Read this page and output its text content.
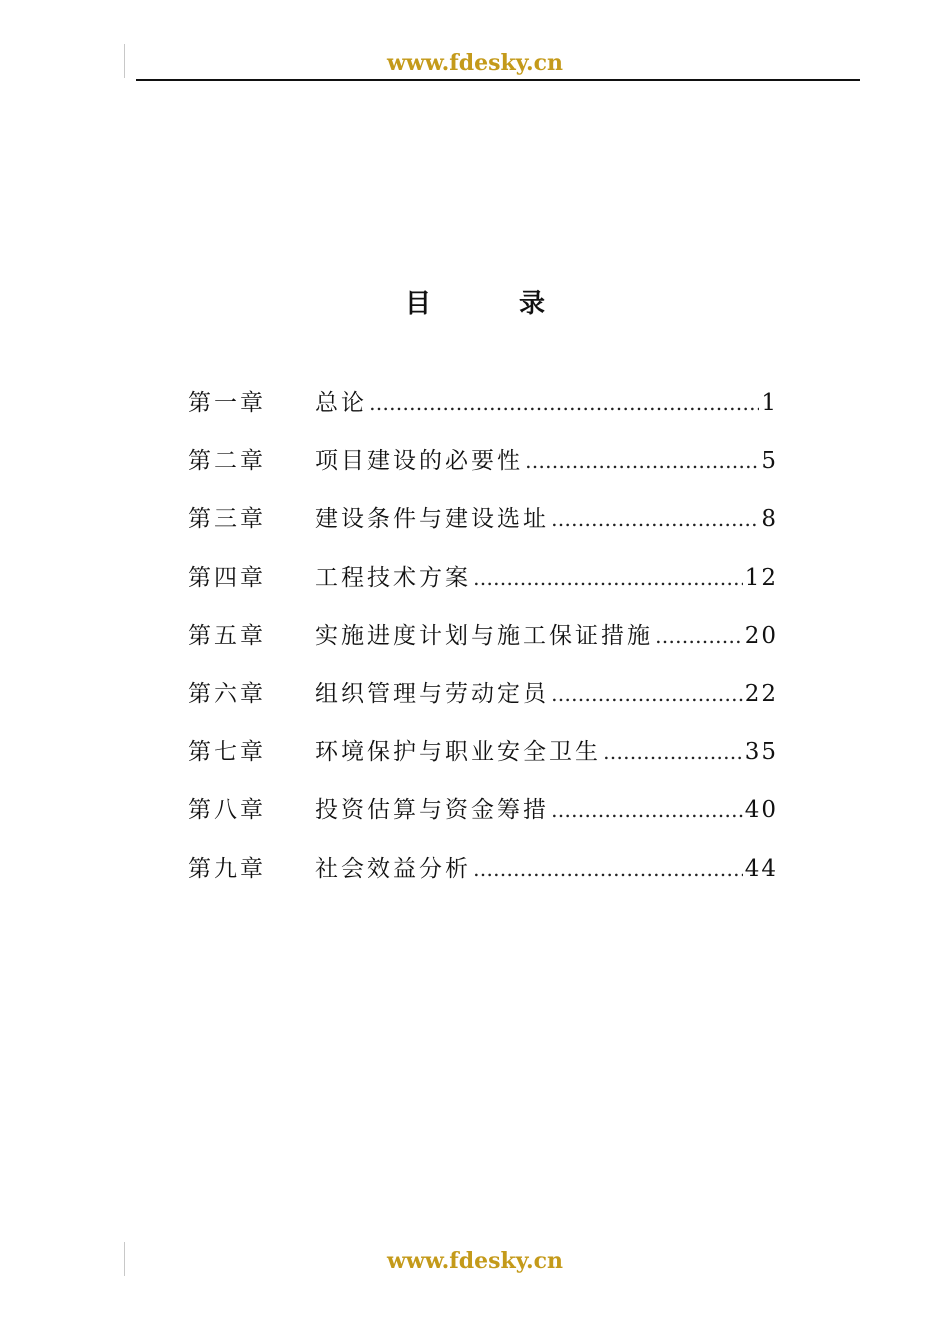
www.fdesky.cn
目录
第一章	总论 ……………………………………………………………………………………	1
第二章	项目建设的必要性 ……………………………………………………………………………………	5
第三章	建设条件与建设选址 ……………………………………………………………………………………	8
第四章	工程技术方案 ……………………………………………………………………………………	12
第五章	实施进度计划与施工保证措施 ……………………………………………………………………………………	20
第六章	组织管理与劳动定员 ……………………………………………………………………………………	22
第七章	环境保护与职业安全卫生 ……………………………………………………………………………………	35
第八章	投资估算与资金筹措 ……………………………………………………………………………………	40
第九章	社会效益分析 ……………………………………………………………………………………	44
www.fdesky.cn
